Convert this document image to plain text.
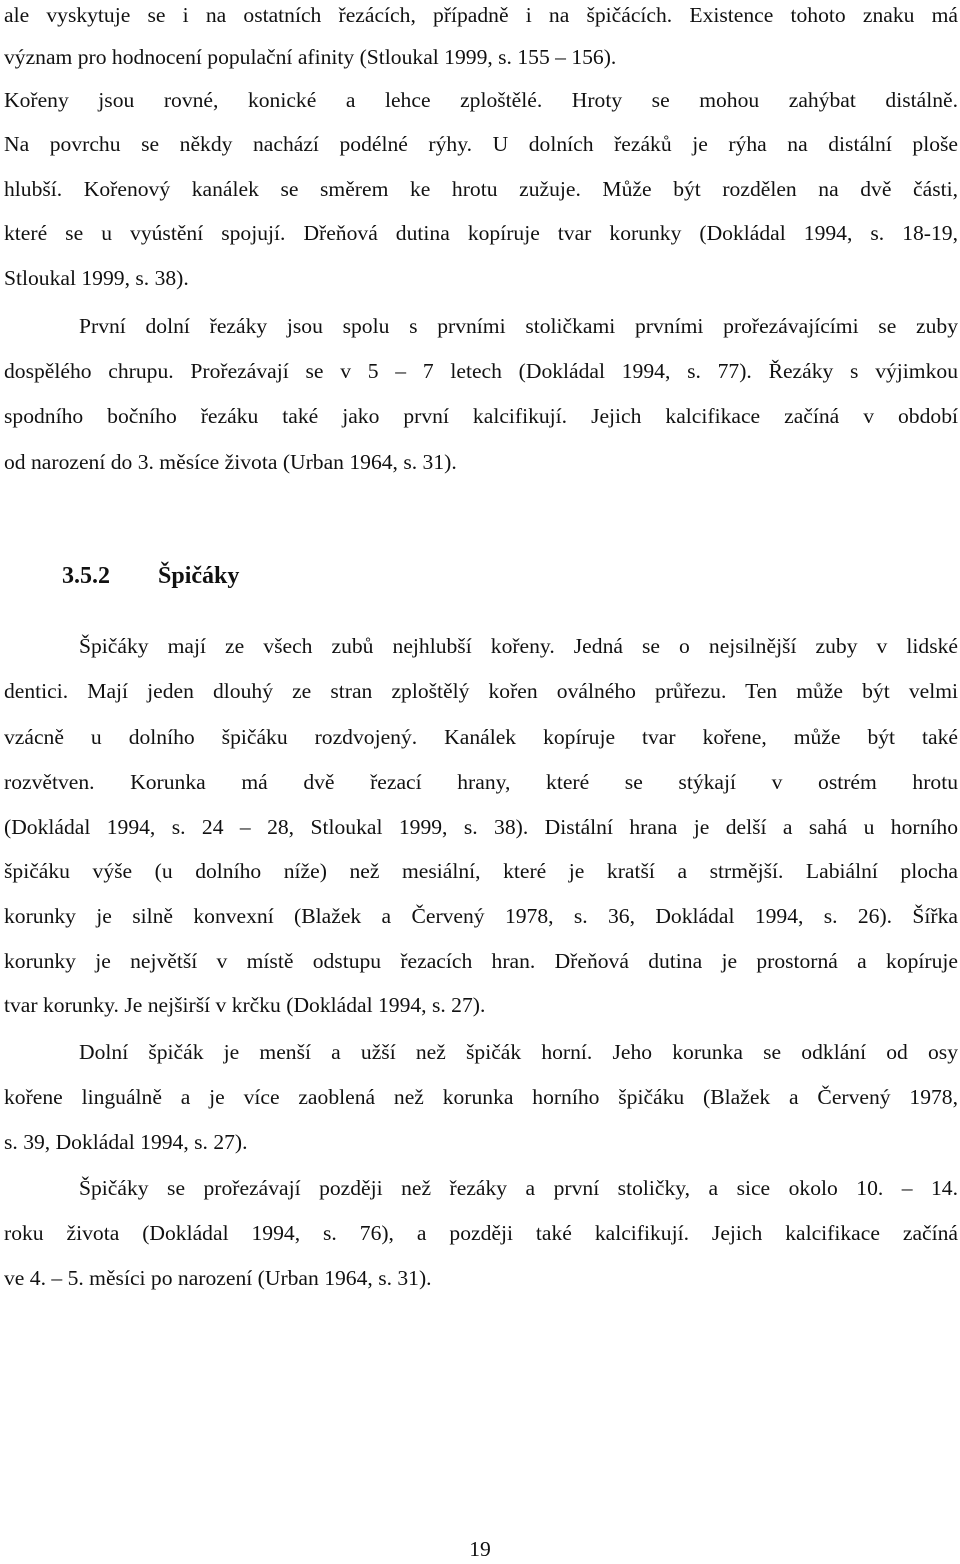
ale vyskytuje se i na ostatních řezácích, případně i na špičácích. Existence tohoto znaku má
význam pro hodnocení populační afinity (Stloukal 1999, s. 155 – 156).
Kořeny jsou rovné, konické a lehce zploštělé. Hroty se mohou zahýbat distálně.
Na povrchu se někdy nachází podélné rýhy. U dolních řezáků je rýha na distální ploše
hlubší. Kořenový kanálek se směrem ke hrotu zužuje. Může být rozdělen na dvě části,
které se u vyústění spojují. Dřeňová dutina kopíruje tvar korunky (Dokládal 1994, s. 18-19,
Stloukal 1999, s. 38).
První dolní řezáky jsou spolu s prvními stoličkami prvními prořezávajícími se zuby
dospělého chrupu. Prořezávají se v 5 – 7 letech (Dokládal 1994, s. 77). Řezáky s výjimkou
spodního bočního řezáku také jako první kalcifikují. Jejich kalcifikace začíná v období
od narození do 3. měsíce života (Urban 1964, s. 31).
3.5.2 Špičáky
Špičáky mají ze všech zubů nejhlubší kořeny. Jedná se o nejsilnější zuby v lidské
dentici. Mají jeden dlouhý ze stran zploštělý kořen oválného průřezu. Ten může být velmi
vzácně u dolního špičáku rozdvojený. Kanálek kopíruje tvar kořene, může být také
rozvětven. Korunka má dvě řezací hrany, které se stýkají v ostrém hrotu
(Dokládal 1994, s. 24 – 28, Stloukal 1999, s. 38). Distální hrana je delší a sahá u horního
špičáku výše (u dolního níže) než mesiální, které je kratší a strmější. Labiální plocha
korunky je silně konvexní (Blažek a Červený 1978, s. 36, Dokládal 1994, s. 26). Šířka
korunky je největší v místě odstupu řezacích hran. Dřeňová dutina je prostorná a kopíruje
tvar korunky. Je nejširší v krčku (Dokládal 1994, s. 27).
Dolní špičák je menší a užší než špičák horní. Jeho korunka se odklání od osy
kořene linguálně a je více zaoblená než korunka horního špičáku (Blažek a Červený 1978,
s. 39, Dokládal 1994, s. 27).
Špičáky se prořezávají později než řezáky a první stoličky, a sice okolo 10. – 14.
roku života (Dokládal 1994, s. 76), a později také kalcifikují. Jejich kalcifikace začíná
ve 4. – 5. měsíci po narození (Urban 1964, s. 31).
19
